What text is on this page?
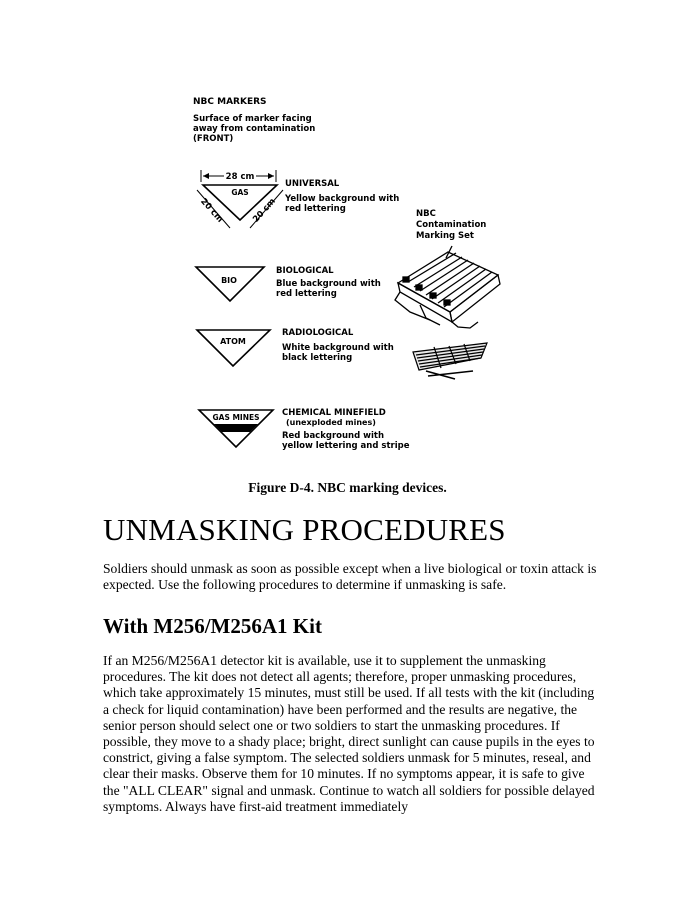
NBC MARKERS
Surface of marker facing
away from contamination
(FRONT)
28 cm
GAS
20 cm	20 cm
UNIVERSAL
Yellow background with
red lettering
BIO
BIOLOGICAL
Blue background with
red lettering
ATOM
RADIOLOGICAL
White background with
black lettering
GAS MINES	CHEMICAL MINEFIELD
(unexploded mines)
Red background with
yellow lettering and stripe
NBC
Contamination
Marking Set
Figure D-4. NBC marking devices.
UNMASKING PROCEDURES

Soldiers should unmask as soon as possible except when a live biological or toxin attack is expected. Use the following procedures to determine if unmasking is safe.

With M256/M256A1 Kit

If an M256/M256A1 detector kit is available, use it to supplement the unmasking procedures. The kit does not detect all agents; therefore, proper unmasking procedures, which take approximately 15 minutes, must still be used. If all tests with the kit (including a check for liquid contamination) have been performed and the results are negative, the senior person should select one or two soldiers to start the unmasking procedures. If possible, they move to a shady place; bright, direct sunlight can cause pupils in the eyes to constrict, giving a false symptom. The selected soldiers unmask for 5 minutes, reseal, and clear their masks. Observe them for 10 minutes. If no symptoms appear, it is safe to give the "ALL CLEAR" signal and unmask. Continue to watch all soldiers for possible delayed symptoms. Always have first-aid treatment immediately
